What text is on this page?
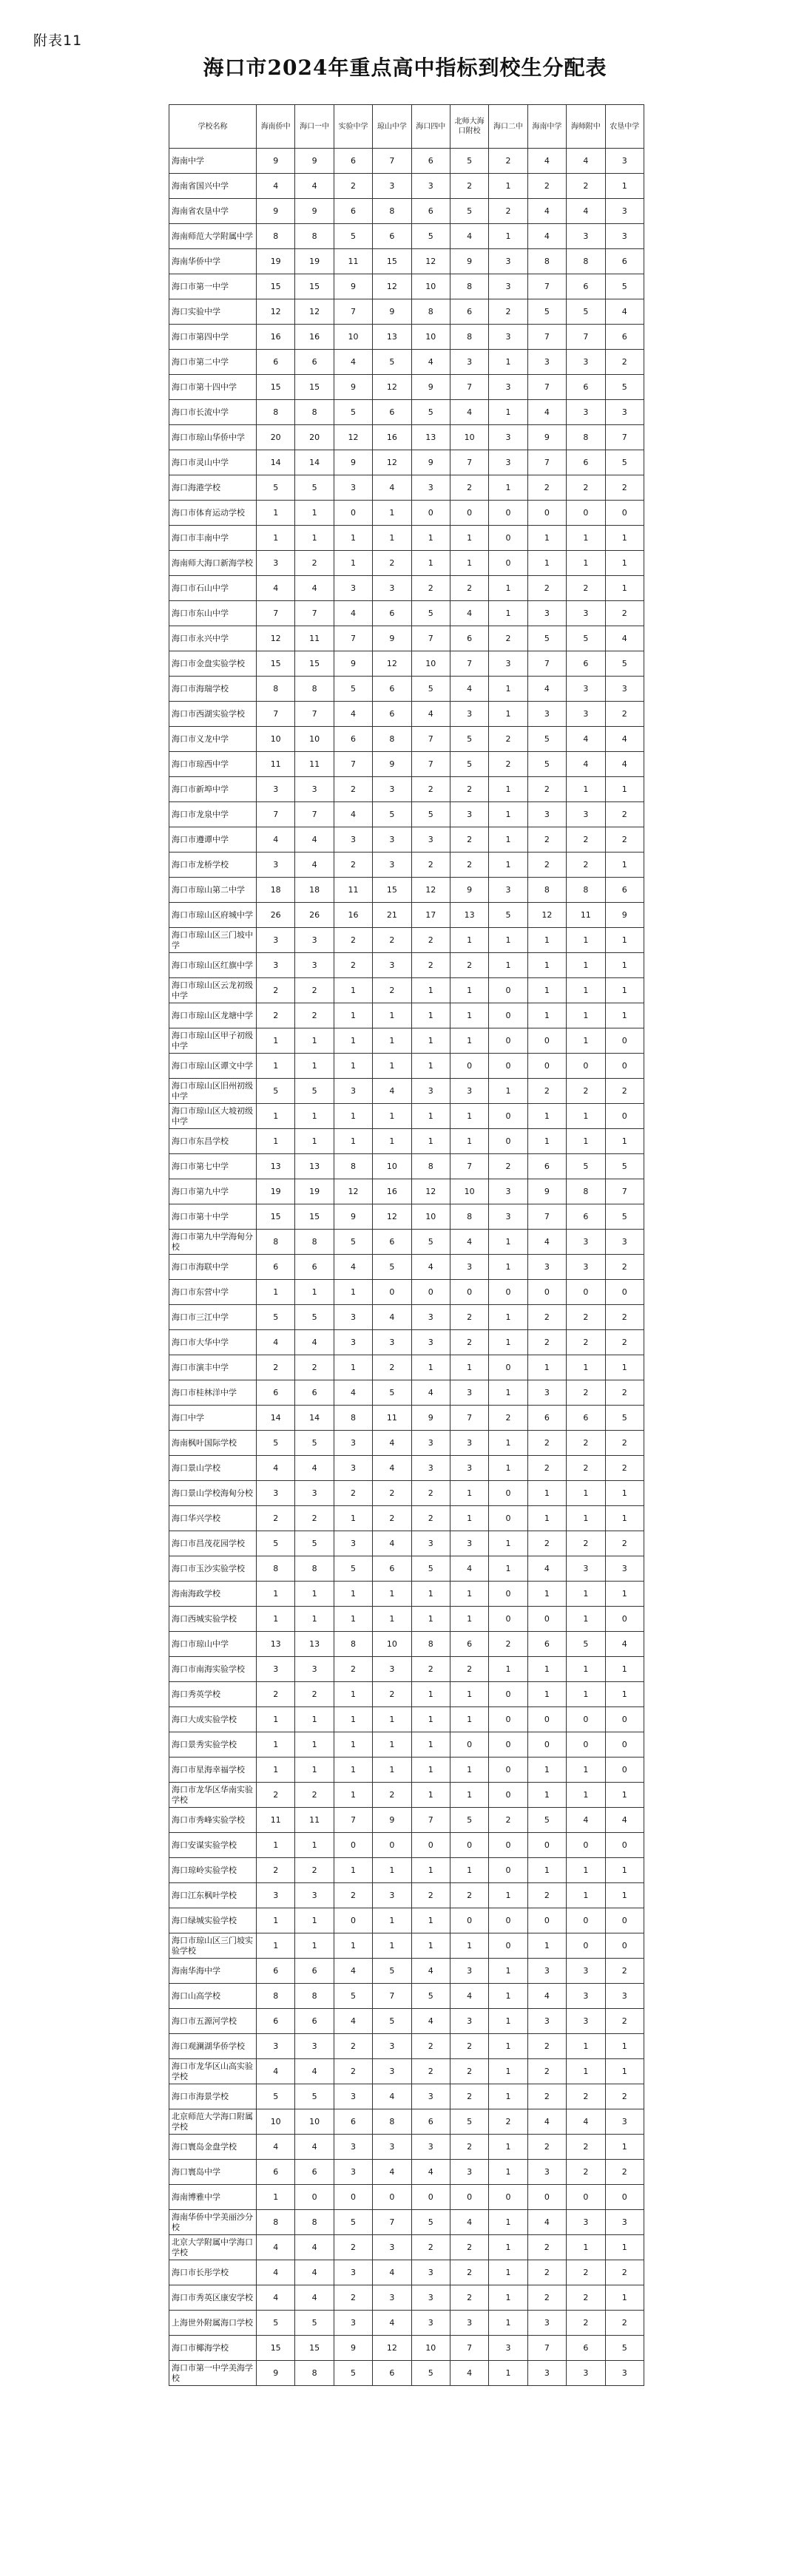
附表11
海口市2024年重点高中指标到校生分配表
学校名称	海南侨中	海口一中	实验中学	琼山中学	海口四中	北师大海口附校	海口二中	海南中学	海师附中	农垦中学
海南中学	9	9	6	7	6	5	2	4	4	3
海南省国兴中学	4	4	2	3	3	2	1	2	2	1
海南省农垦中学	9	9	6	8	6	5	2	4	4	3
海南师范大学附属中学	8	8	5	6	5	4	1	4	3	3
海南华侨中学	19	19	11	15	12	9	3	8	8	6
海口市第一中学	15	15	9	12	10	8	3	7	6	5
海口实验中学	12	12	7	9	8	6	2	5	5	4
海口市第四中学	16	16	10	13	10	8	3	7	7	6
海口市第二中学	6	6	4	5	4	3	1	3	3	2
海口市第十四中学	15	15	9	12	9	7	3	7	6	5
海口市长流中学	8	8	5	6	5	4	1	4	3	3
海口市琼山华侨中学	20	20	12	16	13	10	3	9	8	7
海口市灵山中学	14	14	9	12	9	7	3	7	6	5
海口海港学校	5	5	3	4	3	2	1	2	2	2
海口市体育运动学校	1	1	0	1	0	0	0	0	0	0
海口市丰南中学	1	1	1	1	1	1	0	1	1	1
海南师大海口新海学校	3	2	1	2	1	1	0	1	1	1
海口市石山中学	4	4	3	3	2	2	1	2	2	1
海口市东山中学	7	7	4	6	5	4	1	3	3	2
海口市永兴中学	12	11	7	9	7	6	2	5	5	4
海口市金盘实验学校	15	15	9	12	10	7	3	7	6	5
海口市海瑞学校	8	8	5	6	5	4	1	4	3	3
海口市西湖实验学校	7	7	4	6	4	3	1	3	3	2
海口市义龙中学	10	10	6	8	7	5	2	5	4	4
海口市琼西中学	11	11	7	9	7	5	2	5	4	4
海口市新埠中学	3	3	2	3	2	2	1	2	1	1
海口市龙泉中学	7	7	4	5	5	3	1	3	3	2
海口市遵谭中学	4	4	3	3	3	2	1	2	2	2
海口市龙桥学校	3	4	2	3	2	2	1	2	2	1
海口市琼山第二中学	18	18	11	15	12	9	3	8	8	6
海口市琼山区府城中学	26	26	16	21	17	13	5	12	11	9
海口市琼山区三门坡中学	3	3	2	2	2	1	1	1	1	1
海口市琼山区红旗中学	3	3	2	3	2	2	1	1	1	1
海口市琼山区云龙初级中学	2	2	1	2	1	1	0	1	1	1
海口市琼山区龙塘中学	2	2	1	1	1	1	0	1	1	1
海口市琼山区甲子初级中学	1	1	1	1	1	1	0	0	1	0
海口市琼山区谭文中学	1	1	1	1	1	0	0	0	0	0
海口市琼山区旧州初级中学	5	5	3	4	3	3	1	2	2	2
海口市琼山区大坡初级中学	1	1	1	1	1	1	0	1	1	0
海口市东昌学校	1	1	1	1	1	1	0	1	1	1
海口市第七中学	13	13	8	10	8	7	2	6	5	5
海口市第九中学	19	19	12	16	12	10	3	9	8	7
海口市第十中学	15	15	9	12	10	8	3	7	6	5
海口市第九中学海甸分校	8	8	5	6	5	4	1	4	3	3
海口市海联中学	6	6	4	5	4	3	1	3	3	2
海口市东营中学	1	1	1	0	0	0	0	0	0	0
海口市三江中学	5	5	3	4	3	2	1	2	2	2
海口市大华中学	4	4	3	3	3	2	1	2	2	2
海口市演丰中学	2	2	1	2	1	1	0	1	1	1
海口市桂林洋中学	6	6	4	5	4	3	1	3	2	2
海口中学	14	14	8	11	9	7	2	6	6	5
海南枫叶国际学校	5	5	3	4	3	3	1	2	2	2
海口景山学校	4	4	3	4	3	3	1	2	2	2
海口景山学校海甸分校	3	3	2	2	2	1	0	1	1	1
海口华兴学校	2	2	1	2	2	1	0	1	1	1
海口市昌茂花园学校	5	5	3	4	3	3	1	2	2	2
海口市玉沙实验学校	8	8	5	6	5	4	1	4	3	3
海南海政学校	1	1	1	1	1	1	0	1	1	1
海口西城实验学校	1	1	1	1	1	1	0	0	1	0
海口市琼山中学	13	13	8	10	8	6	2	6	5	4
海口市南海实验学校	3	3	2	3	2	2	1	1	1	1
海口秀英学校	2	2	1	2	1	1	0	1	1	1
海口大成实验学校	1	1	1	1	1	1	0	0	0	0
海口景秀实验学校	1	1	1	1	1	0	0	0	0	0
海口市星海幸福学校	1	1	1	1	1	1	0	1	1	0
海口市龙华区华南实验学校	2	2	1	2	1	1	0	1	1	1
海口市秀峰实验学校	11	11	7	9	7	5	2	5	4	4
海口安谋实验学校	1	1	0	0	0	0	0	0	0	0
海口琼岭实验学校	2	2	1	1	1	1	0	1	1	1
海口江东枫叶学校	3	3	2	3	2	2	1	2	1	1
海口绿城实验学校	1	1	0	1	1	0	0	0	0	0
海口市琼山区三门坡实验学校	1	1	1	1	1	1	0	1	0	0
海南华海中学	6	6	4	5	4	3	1	3	3	2
海口山高学校	8	8	5	7	5	4	1	4	3	3
海口市五源河学校	6	6	4	5	4	3	1	3	3	2
海口观澜湖华侨学校	3	3	2	3	2	2	1	2	1	1
海口市龙华区山高实验学校	4	4	2	3	2	2	1	2	1	1
海口市海景学校	5	5	3	4	3	2	1	2	2	2
北京师范大学海口附属学校	10	10	6	8	6	5	2	4	4	3
海口寰岛金盘学校	4	4	3	3	3	2	1	2	2	1
海口寰岛中学	6	6	3	4	4	3	1	3	2	2
海南博雅中学	1	0	0	0	0	0	0	0	0	0
海南华侨中学美丽沙分校	8	8	5	7	5	4	1	4	3	3
北京大学附属中学海口学校	4	4	2	3	2	2	1	2	1	1
海口市长彤学校	4	4	3	4	3	2	1	2	2	2
海口市秀英区康安学校	4	4	2	3	3	2	1	2	2	1
上海世外附属海口学校	5	5	3	4	3	3	1	3	2	2
海口市椰海学校	15	15	9	12	10	7	3	7	6	5
海口市第一中学美海学校	9	8	5	6	5	4	1	3	3	3
